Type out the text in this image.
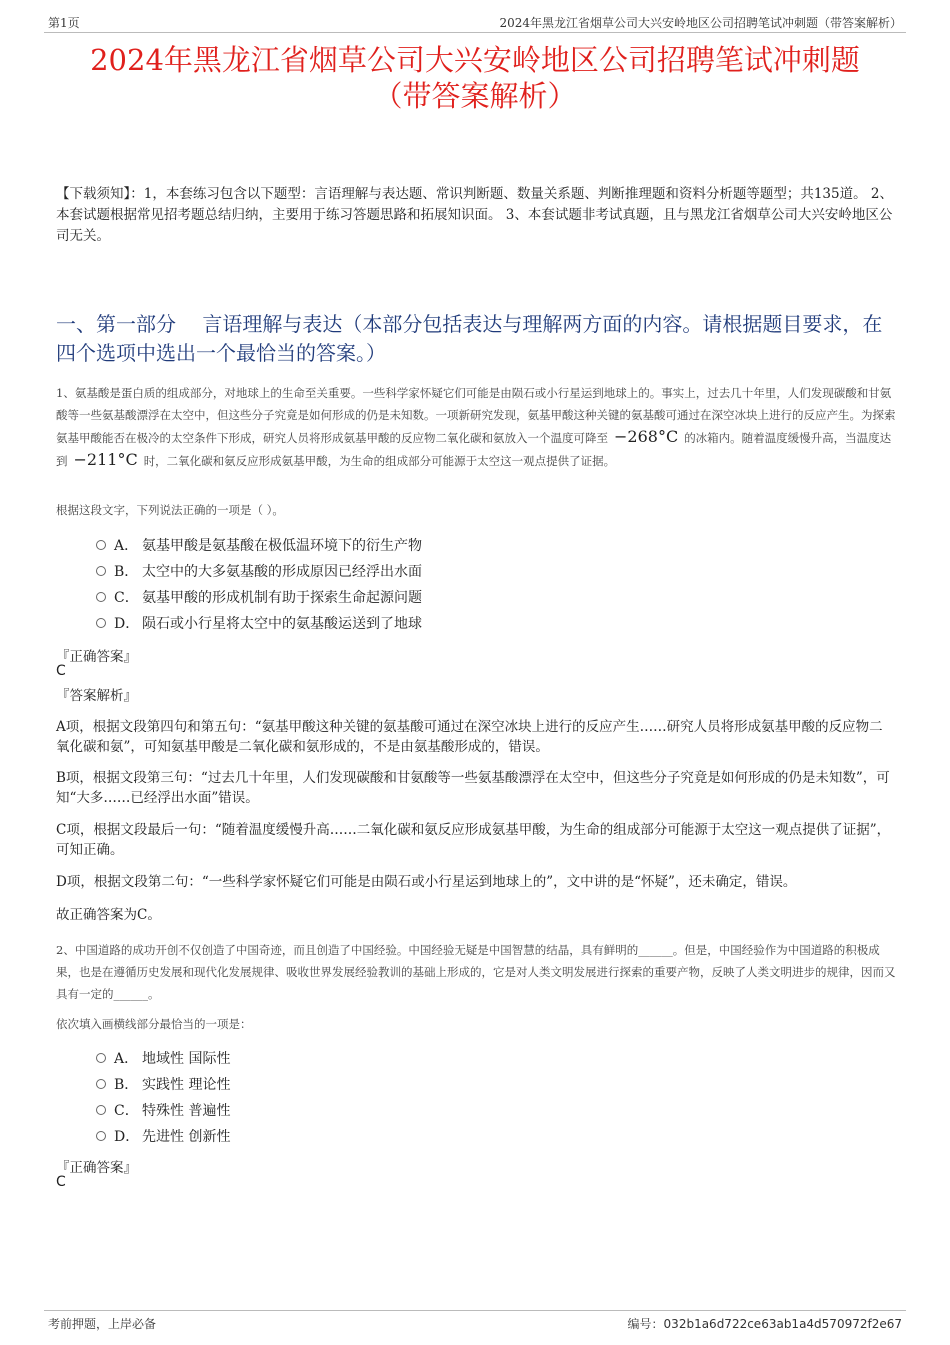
第1页	2024年黑龙江省烟草公司大兴安岭地区公司招聘笔试冲刺题（带答案解析）
2024年黑龙江省烟草公司大兴安岭地区公司招聘笔试冲刺题
（带答案解析）
【下载须知】：1，本套练习包含以下题型：言语理解与表达题、常识判断题、数量关系题、判断推理题和资料分析题等题型；共135道。 2、本套试题根据常见招考题总结归纳，主要用于练习答题思路和拓展知识面。 3、本套试题非考试真题，且与黑龙江省烟草公司大兴安岭地区公司无关。
一、第一部分　 言语理解与表达（本部分包括表达与理解两方面的内容。请根据题目要求，在四个选项中选出一个最恰当的答案。）
1、氨基酸是蛋白质的组成部分，对地球上的生命至关重要。一些科学家怀疑它们可能是由陨石或小行星运到地球上的。事实上，过去几十年里，人们发现碳酸和甘氨酸等一些氨基酸漂浮在太空中，但这些分子究竟是如何形成的仍是未知数。一项新研究发现，氨基甲酸这种关键的氨基酸可通过在深空冰块上进行的反应产生。为探索氨基甲酸能否在极冷的太空条件下形成，研究人员将形成氨基甲酸的反应物二氧化碳和氨放入一个温度可降至 −268°C 的冰箱内。随着温度缓慢升高，当温度达到 −211°C 时，二氧化碳和氨反应形成氨基甲酸，为生命的组成部分可能源于太空这一观点提供了证据。
根据这段文字，下列说法正确的一项是（ ）。
A． 氨基甲酸是氨基酸在极低温环境下的衍生产物
B． 太空中的大多氨基酸的形成原因已经浮出水面
C． 氨基甲酸的形成机制有助于探索生命起源问题
D． 陨石或小行星将太空中的氨基酸运送到了地球
『正确答案』
C
『答案解析』
A项，根据文段第四句和第五句：“氨基甲酸这种关键的氨基酸可通过在深空冰块上进行的反应产生……研究人员将形成氨基甲酸的反应物二氧化碳和氨”，可知氨基甲酸是二氧化碳和氨形成的，不是由氨基酸形成的，错误。
B项，根据文段第三句：“过去几十年里，人们发现碳酸和甘氨酸等一些氨基酸漂浮在太空中，但这些分子究竟是如何形成的仍是未知数”，可知“大多……已经浮出水面”错误。
C项，根据文段最后一句：“随着温度缓慢升高……二氧化碳和氨反应形成氨基甲酸，为生命的组成部分可能源于太空这一观点提供了证据”，可知正确。
D项，根据文段第二句：“一些科学家怀疑它们可能是由陨石或小行星运到地球上的”，文中讲的是“怀疑”，还未确定，错误。
故正确答案为C。
2、中国道路的成功开创不仅创造了中国奇迹，而且创造了中国经验。中国经验无疑是中国智慧的结晶，具有鲜明的______。但是，中国经验作为中国道路的积极成果，也是在遵循历史发展和现代化发展规律、吸收世界发展经验教训的基础上形成的，它是对人类文明发展进行探索的重要产物，反映了人类文明进步的规律，因而又具有一定的______。
依次填入画横线部分最恰当的一项是：
A． 地域性 国际性
B． 实践性 理论性
C． 特殊性 普遍性
D． 先进性 创新性
『正确答案』
C
考前押题，上岸必备	编号：032b1a6d722ce63ab1a4d570972f2e67
